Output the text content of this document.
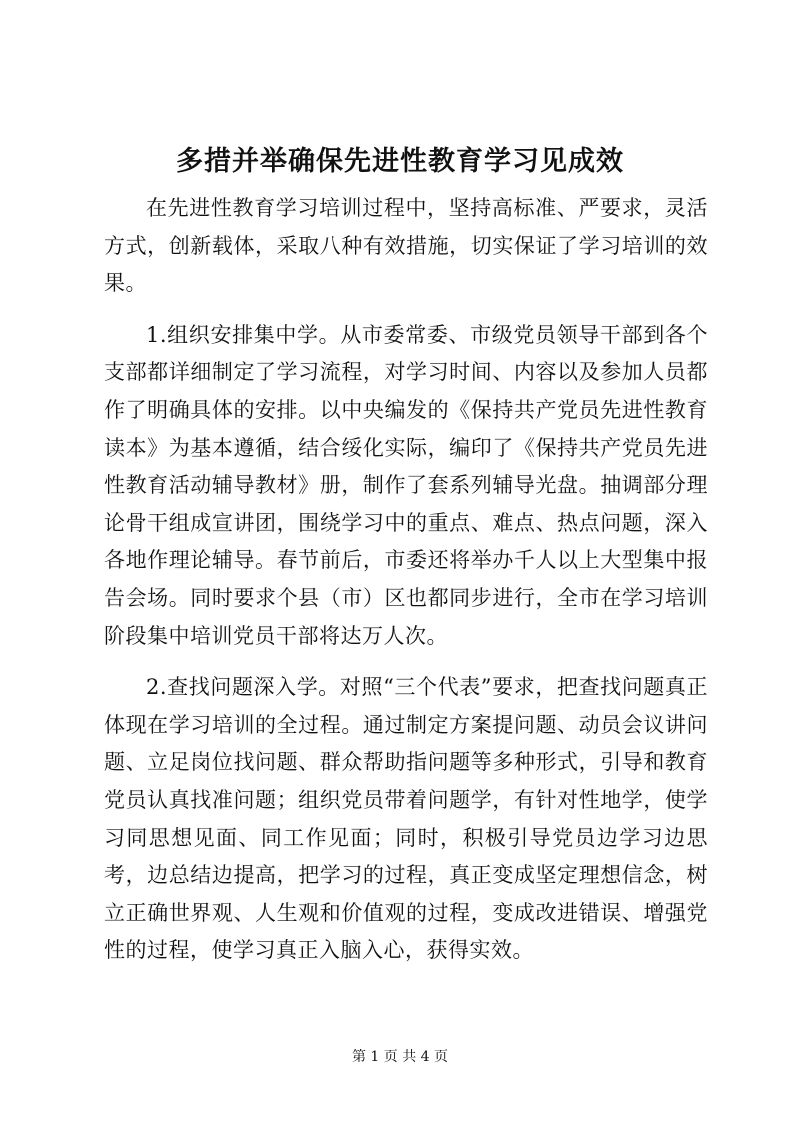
多措并举确保先进性教育学习见成效

在先进性教育学习培训过程中，坚持高标准、严要求，灵活方式，创新载体，采取八种有效措施，切实保证了学习培训的效果。

1.组织安排集中学。从市委常委、市级党员领导干部到各个支部都详细制定了学习流程，对学习时间、内容以及参加人员都作了明确具体的安排。以中央编发的《保持共产党员先进性教育读本》为基本遵循，结合绥化实际，编印了《保持共产党员先进性教育活动辅导教材》册，制作了套系列辅导光盘。抽调部分理论骨干组成宣讲团，围绕学习中的重点、难点、热点问题，深入各地作理论辅导。春节前后，市委还将举办千人以上大型集中报告会场。同时要求个县（市）区也都同步进行，全市在学习培训阶段集中培训党员干部将达万人次。

2.查找问题深入学。对照“三个代表”要求，把查找问题真正体现在学习培训的全过程。通过制定方案提问题、动员会议讲问题、立足岗位找问题、群众帮助指问题等多种形式，引导和教育党员认真找准问题；组织党员带着问题学，有针对性地学，使学习同思想见面、同工作见面；同时，积极引导党员边学习边思考，边总结边提高，把学习的过程，真正变成坚定理想信念，树立正确世界观、人生观和价值观的过程，变成改进错误、增强党性的过程，使学习真正入脑入心，获得实效。

第 1 页 共 4 页
